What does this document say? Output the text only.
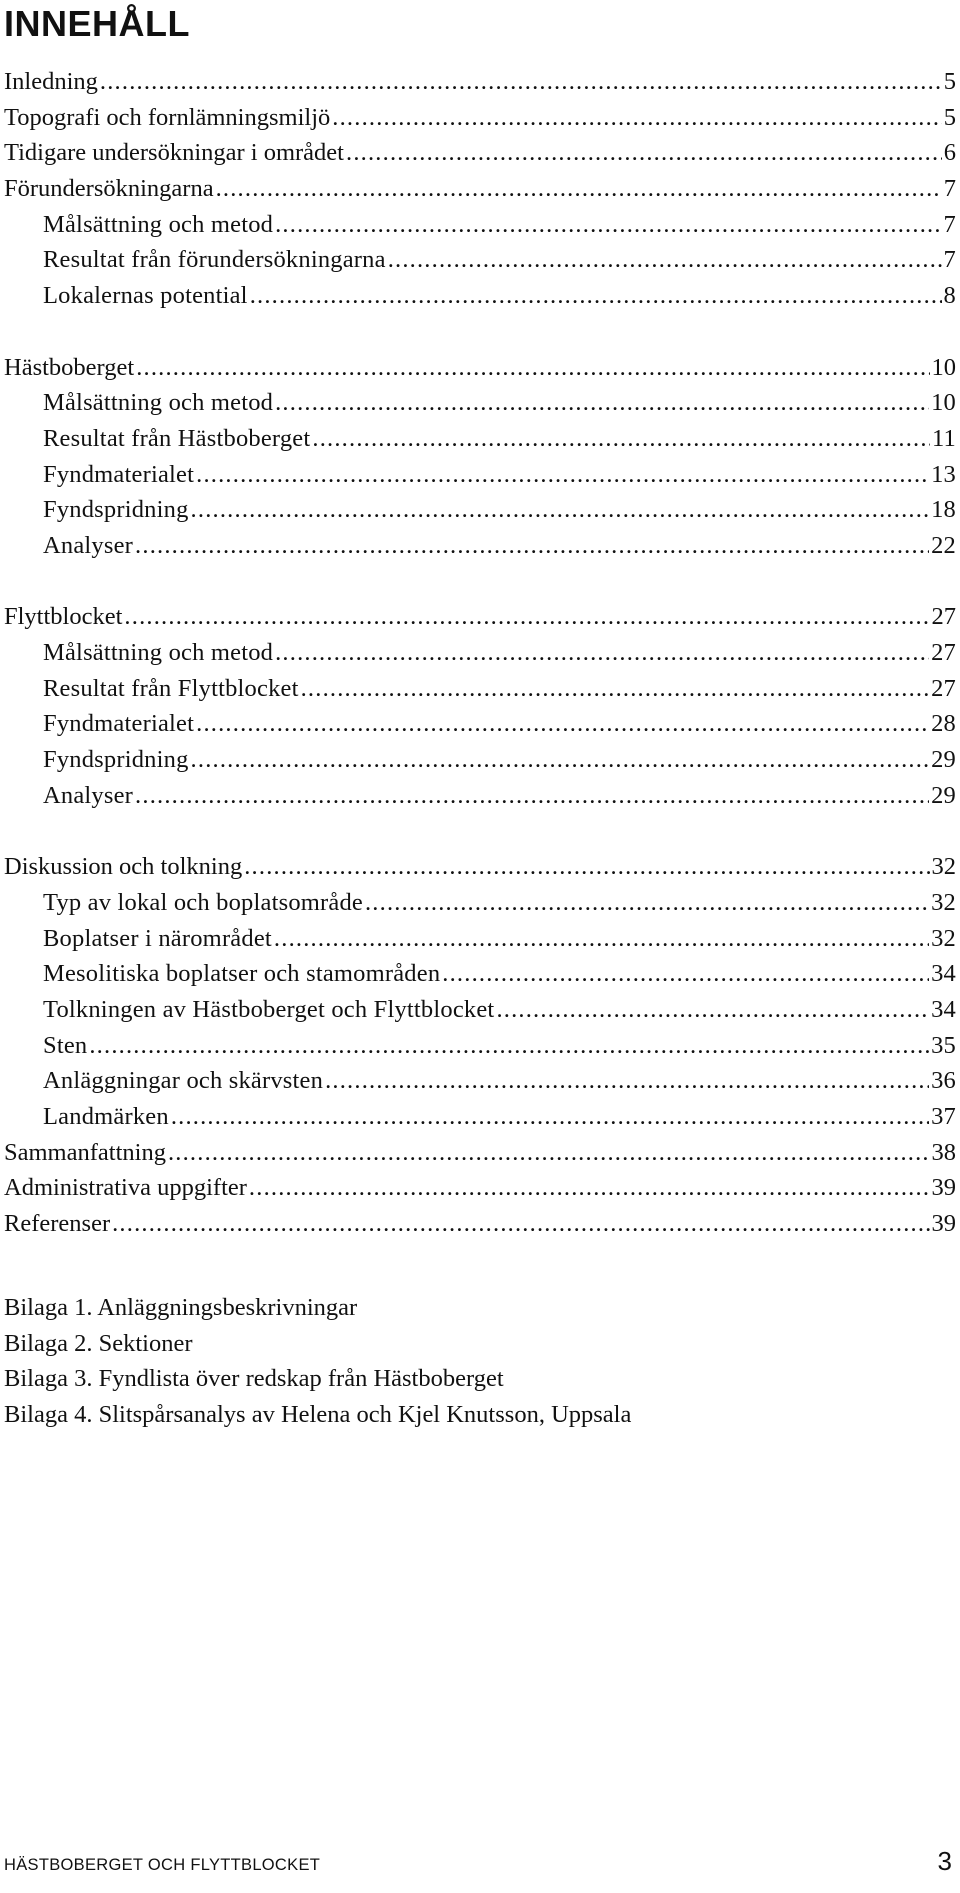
INNEHÅLL
Inledning .....	5
Topografi och fornlämningsmiljö .....	5
Tidigare undersökningar i området .....	6
Förundersökningarna .....	7
Målsättning och metod .....	7
Resultat från förundersökningarna .....	7
Lokalernas potential .....	8
Hästboberget .....	10
Målsättning och metod .....	10
Resultat från Hästboberget .....	11
Fyndmaterialet .....	13
Fyndspridning .....	18
Analyser .....	22
Flyttblocket .....	27
Målsättning och metod .....	27
Resultat från Flyttblocket .....	27
Fyndmaterialet .....	28
Fyndspridning .....	29
Analyser .....	29
Diskussion och tolkning .....	32
Typ av lokal och boplatsområde .....	32
Boplatser i närområdet .....	32
Mesolitiska boplatser och stamområden .....	34
Tolkningen av Hästboberget och Flyttblocket .....	34
Sten .....	35
Anläggningar och skärvsten .....	36
Landmärken .....	37
Sammanfattning .....	38
Administrativa uppgifter .....	39
Referenser .....	39
Bilaga 1. Anläggningsbeskrivningar
Bilaga 2. Sektioner
Bilaga 3. Fyndlista över redskap från Hästboberget
Bilaga 4. Slitspårsanalys av Helena och Kjel Knutsson, Uppsala
HÄSTBOBERGET OCH FLYTTBLOCKET	3
